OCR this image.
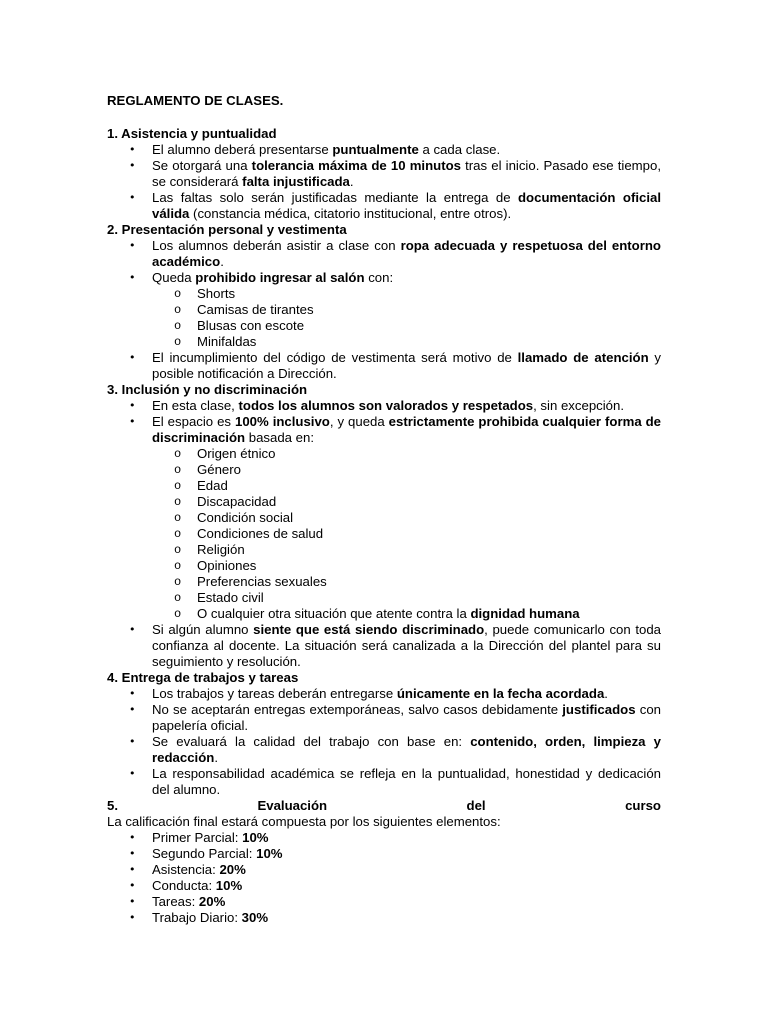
REGLAMENTO DE CLASES.

1. Asistencia y puntualidad

• El alumno deberá presentarse puntualmente a cada clase.
• Se otorgará una tolerancia máxima de 10 minutos tras el inicio. Pasado ese tiempo, se considerará falta injustificada.
• Las faltas solo serán justificadas mediante la entrega de documentación oficial válida (constancia médica, citatorio institucional, entre otros).

2. Presentación personal y vestimenta

• Los alumnos deberán asistir a clase con ropa adecuada y respetuosa del entorno académico.
• Queda prohibido ingresar al salón con:
o Shorts
o Camisas de tirantes
o Blusas con escote
o Minifaldas
• El incumplimiento del código de vestimenta será motivo de llamado de atención y posible notificación a Dirección.

3. Inclusión y no discriminación

• En esta clase, todos los alumnos son valorados y respetados, sin excepción.
• El espacio es 100% inclusivo, y queda estrictamente prohibida cualquier forma de discriminación basada en:
o Origen étnico
o Género
o Edad
o Discapacidad
o Condición social
o Condiciones de salud
o Religión
o Opiniones
o Preferencias sexuales
o Estado civil
o O cualquier otra situación que atente contra la dignidad humana
• Si algún alumno siente que está siendo discriminado, puede comunicarlo con toda confianza al docente. La situación será canalizada a la Dirección del plantel para su seguimiento y resolución.

4. Entrega de trabajos y tareas

• Los trabajos y tareas deberán entregarse únicamente en la fecha acordada.
• No se aceptarán entregas extemporáneas, salvo casos debidamente justificados con papelería oficial.
• Se evaluará la calidad del trabajo con base en: contenido, orden, limpieza y redacción.
• La responsabilidad académica se refleja en la puntualidad, honestidad y dedicación del alumno.
5.	Evaluación	del	curso

La calificación final estará compuesta por los siguientes elementos:

• Primer Parcial: 10%
• Segundo Parcial: 10%
• Asistencia: 20%
• Conducta: 10%
• Tareas: 20%
• Trabajo Diario: 30%
